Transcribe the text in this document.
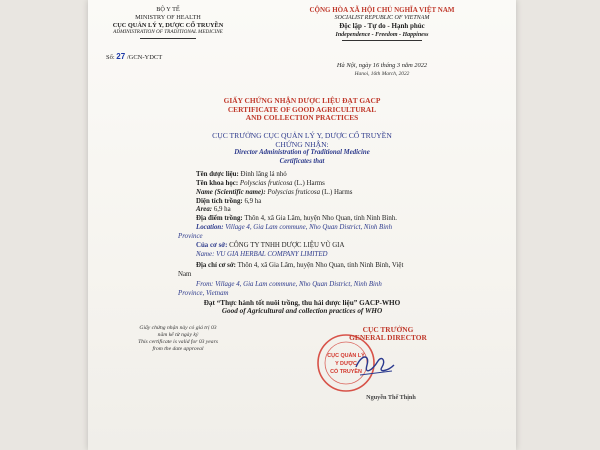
BỘ Y TẾ
MINISTRY OF HEALTH
CỤC QUẢN LÝ Y, DƯỢC CỔ TRUYỀN
ADMINISTRATION OF TRADITIONAL MEDICINE
Số: 27 /GCN-YDCT
CỘNG HÒA XÃ HỘI CHỦ NGHĨA VIỆT NAM
SOCIALIST REPUBLIC OF VIETNAM
Độc lập - Tự do - Hạnh phúc
Independence - Freedom - Happiness
Hà Nội, ngày 16 tháng 3 năm 2022
Hanoi, 16th March, 2022
GIẤY CHỨNG NHẬN DƯỢC LIỆU ĐẠT GACP
CERTIFICATE OF GOOD AGRICULTURAL
AND COLLECTION PRACTICES
CỤC TRƯỞNG CỤC QUẢN LÝ Y, DƯỢC CỔ TRUYỀN
CHỨNG NHẬN:
Director Administration of Traditional Medicine
Certificates that
Tên dược liệu: Đinh lăng lá nhỏ
Tên khoa học: Polyscias fruticosa (L.) Harms
Name (Scientific name): Polyscias fruticosa (L.) Harms
Diện tích trồng: 6,9 ha
Area: 6,9 ha
Địa điểm trồng: Thôn 4, xã Gia Lâm, huyện Nho Quan, tỉnh Ninh Bình.
Location: Village 4, Gia Lam commune, Nho Quan District, Ninh Binh
Province
Của cơ sở: CÔNG TY TNHH DƯỢC LIỆU VŨ GIA
Name: VU GIA HERBAL COMPANY LIMITED
Địa chỉ cơ sở: Thôn 4, xã Gia Lâm, huyện Nho Quan, tỉnh Ninh Bình, Việt
Nam
From: Village 4, Gia Lam commune, Nho Quan District, Ninh Binh
Province, Vietnam
Đạt “Thực hành tốt nuôi trồng, thu hái dược liệu” GACP-WHO
Good of Agricultural and collection practices of WHO
Giấy chứng nhận này có giá trị 03
năm kể từ ngày ký
This certificate is valid for 03 years
from the date approval
CỤC QUẢN LÝ
Y DƯỢC
CỔ TRUYỀN
CỤC TRƯỞNG
GENERAL DIRECTOR
Nguyễn Thế Thịnh
